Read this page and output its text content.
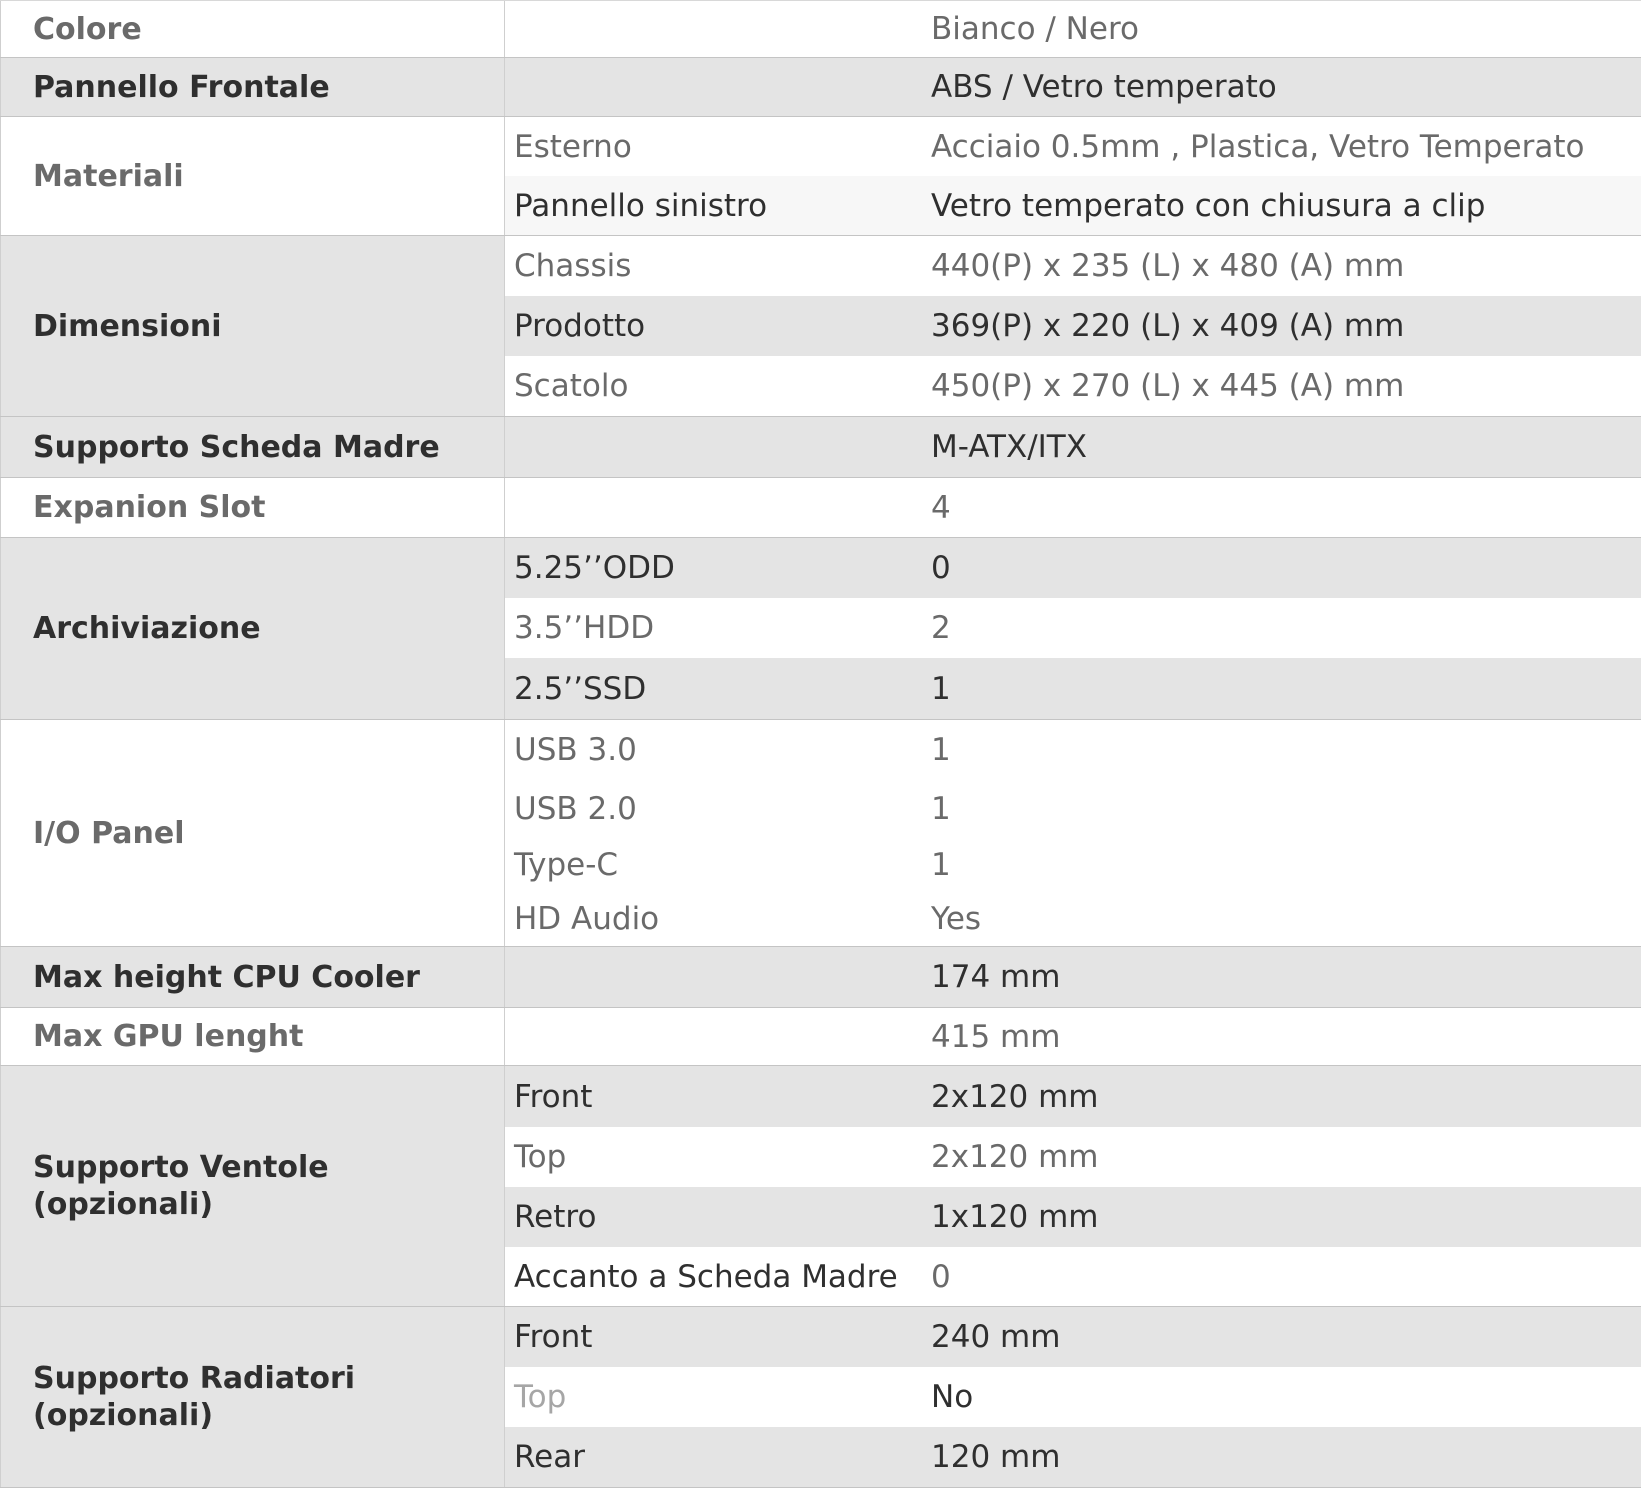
Colore	Bianco / Nero
Pannello Frontale	ABS / Vetro temperato
Materiali
Esterno	Acciaio 0.5mm , Plastica, Vetro Temperato
Pannello sinistro	Vetro temperato con chiusura a clip
Dimensioni
Chassis	440(P) x 235 (L) x 480 (A) mm
Prodotto	369(P) x 220 (L) x 409 (A) mm
Scatolo	450(P) x 270 (L) x 445 (A) mm
Supporto Scheda Madre	M-ATX/ITX
Expanion Slot	4
Archiviazione
5.25’’ODD	0
3.5’’HDD	2
2.5’’SSD	1
I/O Panel
USB 3.0	1
USB 2.0	1
Type-C	1
HD Audio	Yes
Max height CPU Cooler	174 mm
Max GPU lenght	415 mm
Supporto Ventole
(opzionali)
Front	2x120 mm
Top	2x120 mm
Retro	1x120 mm
Accanto a Scheda Madre	0
Supporto Radiatori
(opzionali)
Front	240 mm
Top	No
Rear	120 mm
